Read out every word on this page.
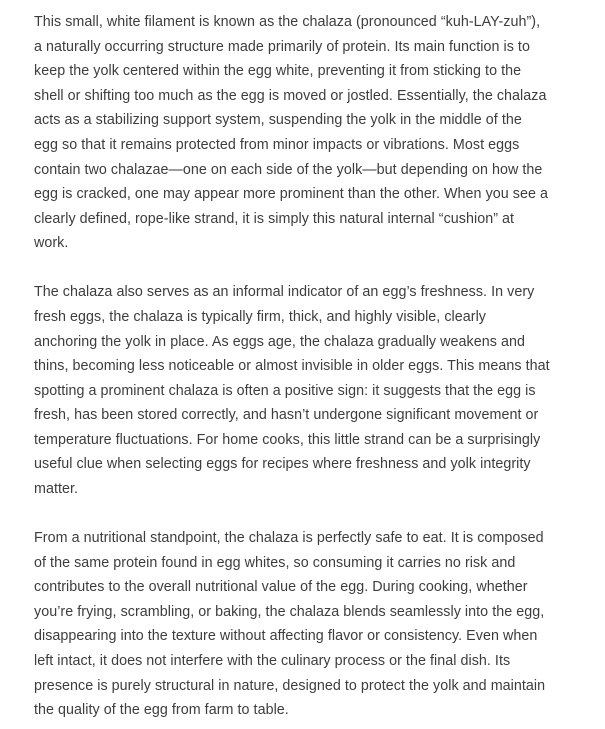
This small, white filament is known as the chalaza (pronounced “kuh-LAY-zuh”),
a naturally occurring structure made primarily of protein. Its main function is to
keep the yolk centered within the egg white, preventing it from sticking to the
shell or shifting too much as the egg is moved or jostled. Essentially, the chalaza
acts as a stabilizing support system, suspending the yolk in the middle of the
egg so that it remains protected from minor impacts or vibrations. Most eggs
contain two chalazae—one on each side of the yolk—but depending on how the
egg is cracked, one may appear more prominent than the other. When you see a
clearly defined, rope-like strand, it is simply this natural internal “cushion” at
work.

The chalaza also serves as an informal indicator of an egg’s freshness. In very
fresh eggs, the chalaza is typically firm, thick, and highly visible, clearly
anchoring the yolk in place. As eggs age, the chalaza gradually weakens and
thins, becoming less noticeable or almost invisible in older eggs. This means that
spotting a prominent chalaza is often a positive sign: it suggests that the egg is
fresh, has been stored correctly, and hasn’t undergone significant movement or
temperature fluctuations. For home cooks, this little strand can be a surprisingly
useful clue when selecting eggs for recipes where freshness and yolk integrity
matter.

From a nutritional standpoint, the chalaza is perfectly safe to eat. It is composed
of the same protein found in egg whites, so consuming it carries no risk and
contributes to the overall nutritional value of the egg. During cooking, whether
you’re frying, scrambling, or baking, the chalaza blends seamlessly into the egg,
disappearing into the texture without affecting flavor or consistency. Even when
left intact, it does not interfere with the culinary process or the final dish. Its
presence is purely structural in nature, designed to protect the yolk and maintain
the quality of the egg from farm to table.
